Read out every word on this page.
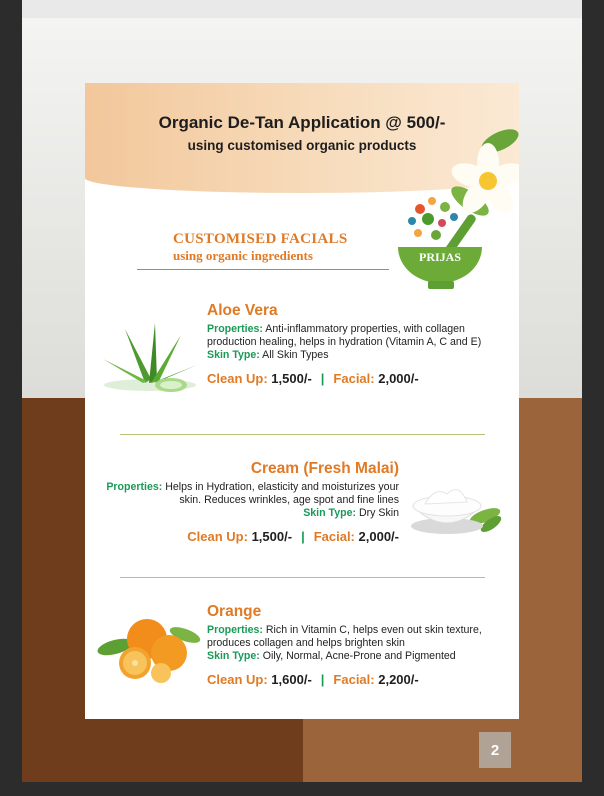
2
Organic De-Tan Application @ 500/-
using customised organic products
CUSTOMISED FACIALS
using organic ingredients	PRIJAS
Aloe Vera
Properties: Anti-inflammatory properties, with collagen production healing, helps in hydration (Vitamin A, C and E)
Skin Type: All Skin Types
Clean Up: 1,500/- | Facial: 2,000/-
Cream (Fresh Malai)
Properties: Helps in Hydration, elasticity and moisturizes your skin. Reduces wrinkles, age spot and fine lines
Skin Type: Dry Skin
Clean Up: 1,500/- | Facial: 2,000/-
Orange
Properties: Rich in Vitamin C, helps even out skin texture, produces collagen and helps brighten skin
Skin Type: Oily, Normal, Acne-Prone and Pigmented
Clean Up: 1,600/- | Facial: 2,200/-
